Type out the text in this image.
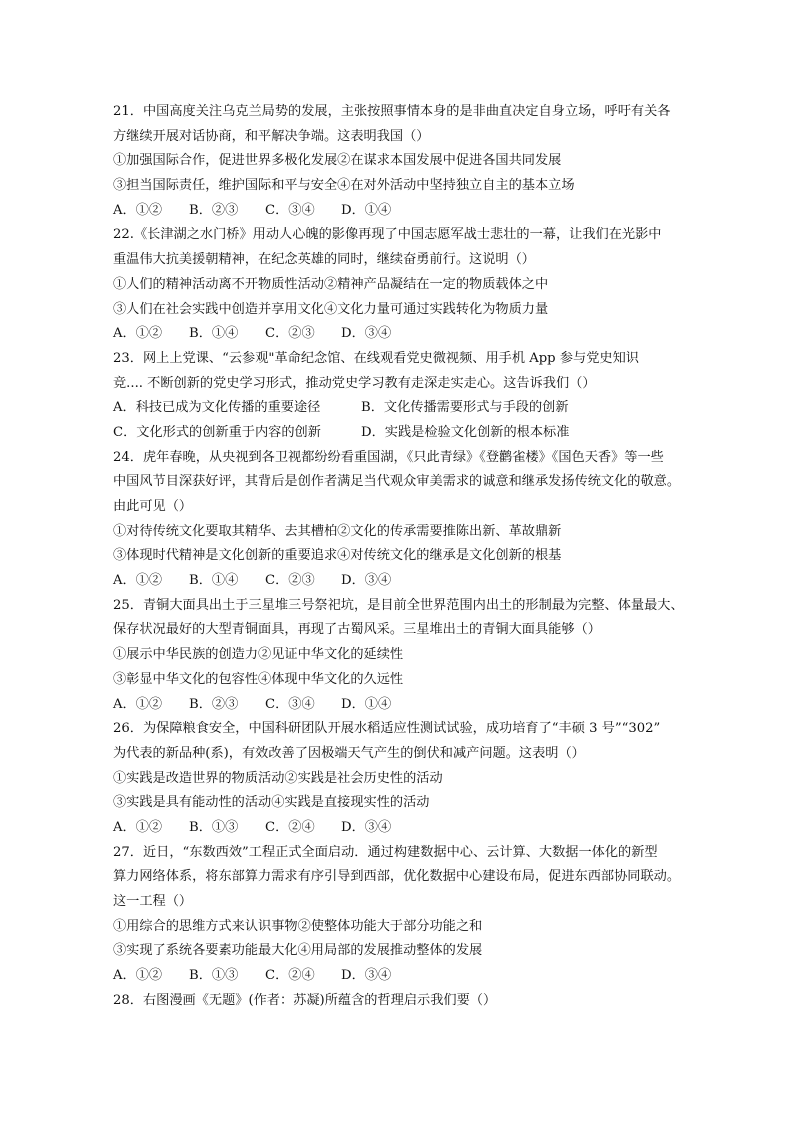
21．中国高度关注乌克兰局势的发展，主张按照事情本身的是非曲直决定自身立场，呼吁有关各
方继续开展对话协商，和平解决争端。这表明我国（）
①加强国际合作，促进世界多极化发展②在谋求本国发展中促进各国共同发展
③担当国际责任，维护国际和平与安全④在对外活动中坚持独立自主的基本立场
A．①② B．②③ C．③④ D．①④
22.《长津湖之水门桥》用动人心魄的影像再现了中国志愿军战士悲壮的一幕，让我们在光影中
重温伟大抗美援朝精神，在纪念英雄的同时，继续奋勇前行。这说明（）
①人们的精神活动离不开物质性活动②精神产品凝结在一定的物质载体之中
③人们在社会实践中创造并享用文化④文化力量可通过实践转化为物质力量
A．①② B．①④ C．②③ D．③④
23．网上上党课、“云参观"革命纪念馆、在线观看党史微视频、用手机 App 参与党史知识
竞.... 不断创新的党史学习形式，推动党史学习教有走深走实走心。这告诉我们（）
A．科技已成为文化传播的重要途径	B．文化传播需要形式与手段的创新
C．文化形式的创新重于内容的创新	D．实践是检验文化创新的根本标准
24．虎年春晚，从央视到各卫视都纷纷看重国湖，《只此青绿》《登鹳雀楼》《国色天香》等一些
中国风节目深获好评，其背后是创作者满足当代观众审美需求的诚意和继承发扬传统文化的敬意。
由此可见（）
①对待传统文化要取其精华、去其槽柏②文化的传承需要推陈出新、革故鼎新
③体现时代精神是文化创新的重要追求④对传统文化的继承是文化创新的根基
A．①② B．①④ C．②③ D．③④
25．青铜大面具出土于三星堆三号祭祀坑，是目前全世界范围内出土的形制最为完整、体量最大、
保存状况最好的大型青铜面具，再现了古蜀风采。三星堆出土的青铜大面具能够（）
①展示中华民族的创造力②见证中华文化的延续性
③彰显中华文化的包容性④体现中华文化的久远性
A．①② B．②③ C．③④ D．①④
26．为保障粮食安全，中国科研团队开展水稻适应性测试试验，成功培育了“丰硕 3 号”“302”
为代表的新品种(系)，有效改善了因极端天气产生的倒伏和减产问题。这表明（）
①实践是改造世界的物质活动②实践是社会历史性的活动
③实践是具有能动性的活动④实践是直接现实性的活动
A．①② B．①③ C．②④ D．③④
27．近日，“东数西效”工程正式全面启动．通过构建数据中心、云计算、大数据一体化的新型
算力网络体系，将东部算力需求有序引导到西部，优化数据中心建设布局，促进东西部协同联动。
这一工程（）
①用综合的思维方式来认识事物②使整体功能大于部分功能之和
③实现了系统各要素功能最大化④用局部的发展推动整体的发展
A．①② B．①③ C．②④ D．③④
28．右图漫画《无题》(作者：苏凝)所蕴含的哲理启示我们要（）
